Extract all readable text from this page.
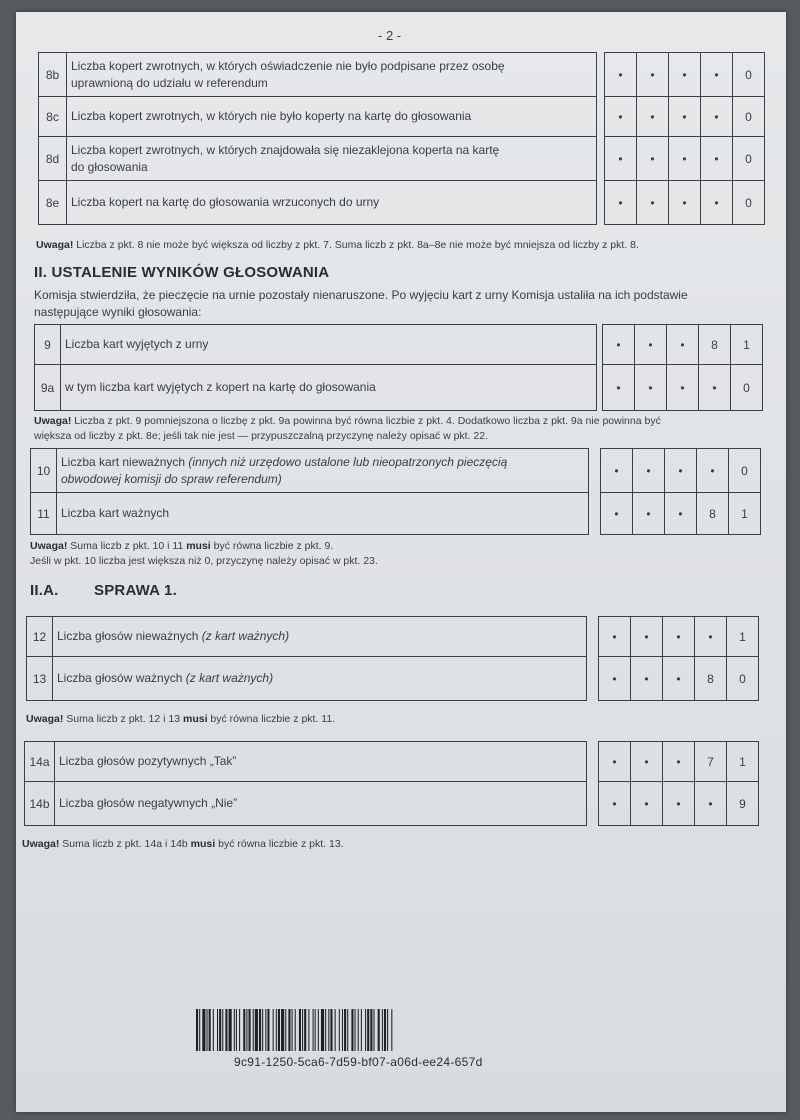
- 2 -
8b	Liczba kopert zwrotnych, w których oświadczenie nie było podpisane przez osobę
uprawnioną do udziału w referendum		•	•	•	•	0
8c	Liczba kopert zwrotnych, w których nie było koperty na kartę do głosowania		•	•	•	•	0
8d	Liczba kopert zwrotnych, w których znajdowała się niezaklejona koperta na kartę
do głosowania		•	•	•	•	0
8e	Liczba kopert na kartę do głosowania wrzuconych do urny		•	•	•	•	0
Uwaga! Liczba z pkt. 8 nie może być większa od liczby z pkt. 7. Suma liczb z pkt. 8a–8e nie może być mniejsza od liczby z pkt. 8.
II. USTALENIE WYNIKÓW GŁOSOWANIA
Komisja stwierdziła, że pieczęcie na urnie pozostały nienaruszone. Po wyjęciu kart z urny Komisja ustaliła na ich podstawie
następujące wyniki głosowania:
9	Liczba kart wyjętych z urny		•	•	•	8	1
9a	w tym liczba kart wyjętych z kopert na kartę do głosowania		•	•	•	•	0
Uwaga! Liczba z pkt. 9 pomniejszona o liczbę z pkt. 9a powinna być równa liczbie z pkt. 4. Dodatkowo liczba z pkt. 9a nie powinna być
większa od liczby z pkt. 8e; jeśli tak nie jest — przypuszczalną przyczynę należy opisać w pkt. 22.
10	Liczba kart nieważnych (innych niż urzędowo ustalone lub nieopatrzonych pieczęcią
obwodowej komisji do spraw referendum)		•	•	•	•	0
11	Liczba kart ważnych		•	•	•	8	1
Uwaga! Suma liczb z pkt. 10 i 11 musi być równa liczbie z pkt. 9.
Jeśli w pkt. 10 liczba jest większa niż 0, przyczynę należy opisać w pkt. 23.
II.A. SPRAWA 1.
12	Liczba głosów nieważnych (z kart ważnych)		•	•	•	•	1
13	Liczba głosów ważnych (z kart ważnych)		•	•	•	8	0
Uwaga! Suma liczb z pkt. 12 i 13 musi być równa liczbie z pkt. 11.
14a	Liczba głosów pozytywnych „Tak”		•	•	•	7	1
14b	Liczba głosów negatywnych „Nie”		•	•	•	•	9
Uwaga! Suma liczb z pkt. 14a i 14b musi być równa liczbie z pkt. 13.
9c91-1250-5ca6-7d59-bf07-a06d-ee24-657d
